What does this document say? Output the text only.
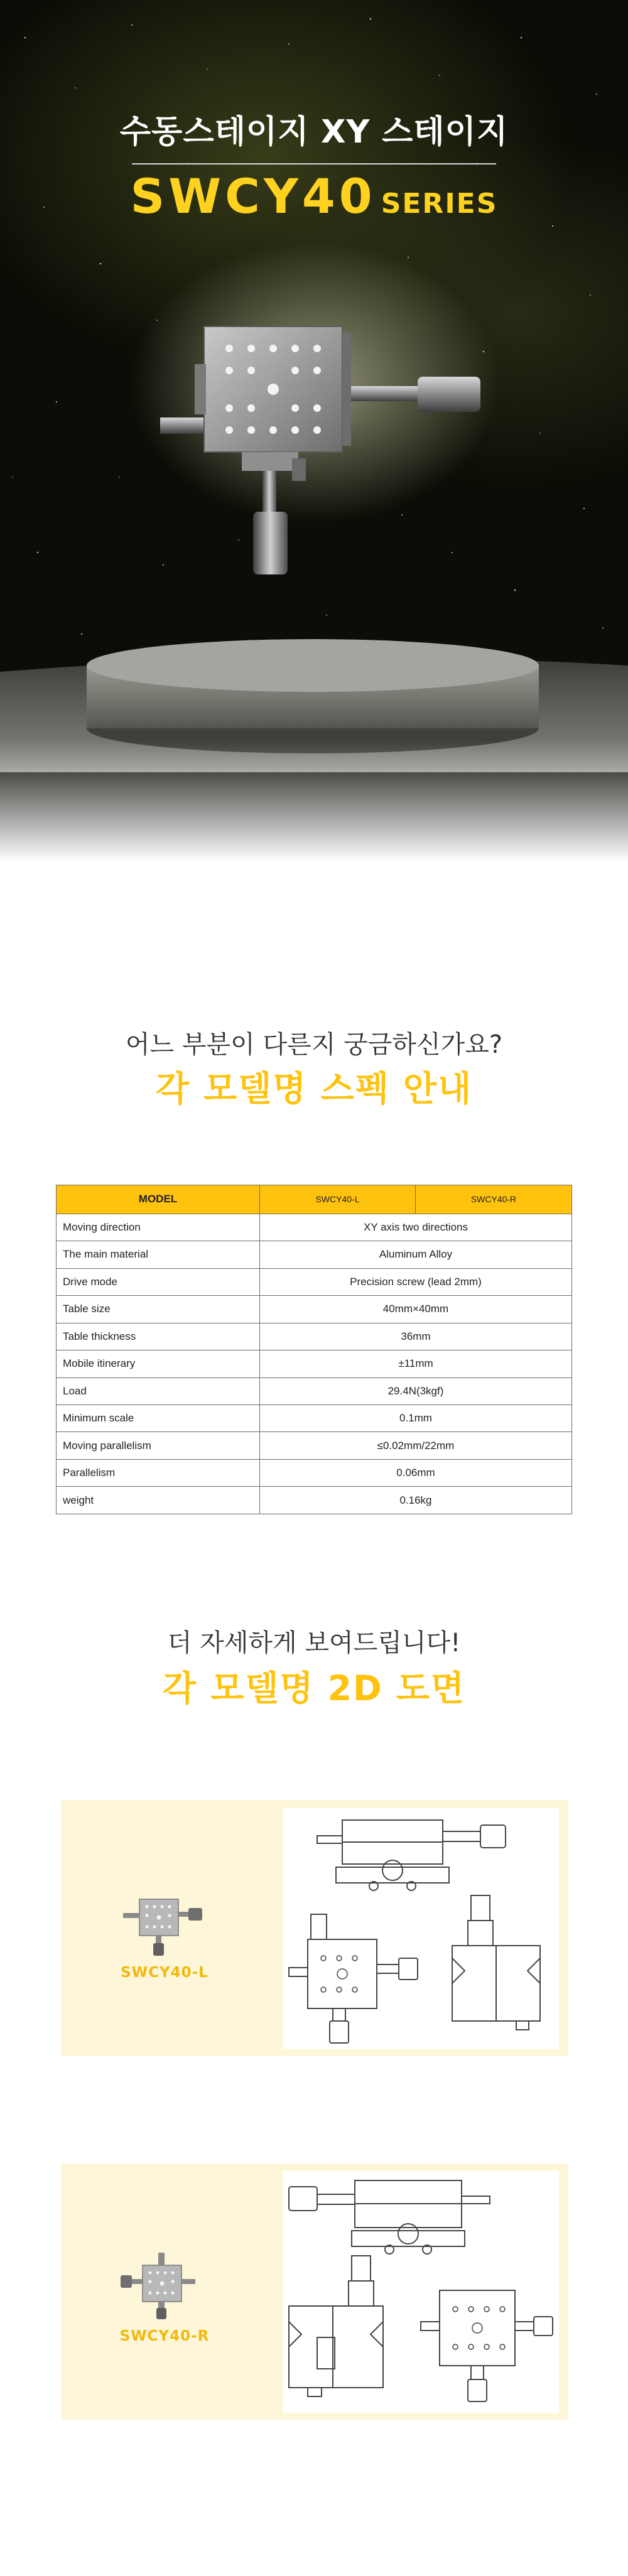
수동스테이지 XY 스테이지
SWCY40 SERIES
어느 부분이 다른지 궁금하신가요?
각 모델명 스펙 안내
MODEL	SWCY40-L	SWCY40-R
Moving direction	XY axis two directions	
The main material	Aluminum Alloy	
Drive mode	Precision screw (lead 2mm)	
Table size	40mm×40mm	
Table thickness	36mm	
Mobile itinerary	±11mm	
Load	29.4N(3kgf)	
Minimum scale	0.1mm	
Moving parallelism	≤0.02mm/22mm	
Parallelism	0.06mm	
weight	0.16kg	
더 자세하게 보여드립니다!
각 모델명 2D 도면
SWCY40-L
SWCY40-R
